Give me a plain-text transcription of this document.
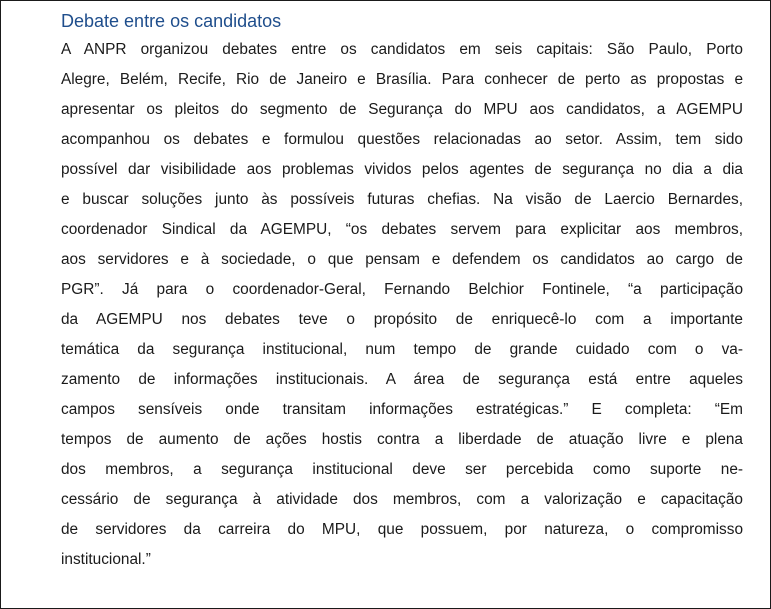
Debate entre os candidatos
A ANPR organizou debates entre os candidatos em seis capitais: São Paulo, Porto
Alegre, Belém, Recife, Rio de Janeiro e Brasília. Para conhecer de perto as propostas e
apresentar os pleitos do segmento de Segurança do MPU aos candidatos, a AGEMPU
acompanhou os debates e formulou questões relacionadas ao setor. Assim, tem sido
possível dar visibilidade aos problemas vividos pelos agentes de segurança no dia a dia
e buscar soluções junto às possíveis futuras chefias. Na visão de Laercio Bernardes,
coordenador Sindical da AGEMPU, “os debates servem para explicitar aos membros,
aos servidores e à sociedade, o que pensam e defendem os candidatos ao cargo de
PGR”. Já para o coordenador-Geral, Fernando Belchior Fontinele, “a participação
da AGEMPU nos debates teve o propósito de enriquecê-lo com a importante
temática da segurança institucional, num tempo de grande cuidado com o va-
zamento de informações institucionais. A área de segurança está entre aqueles
campos sensíveis onde transitam informações estratégicas.” E completa: “Em
tempos de aumento de ações hostis contra a liberdade de atuação livre e plena
dos membros, a segurança institucional deve ser percebida como suporte ne-
cessário de segurança à atividade dos membros, com a valorização e capacitação
de servidores da carreira do MPU, que possuem, por natureza, o compromisso
institucional.”
